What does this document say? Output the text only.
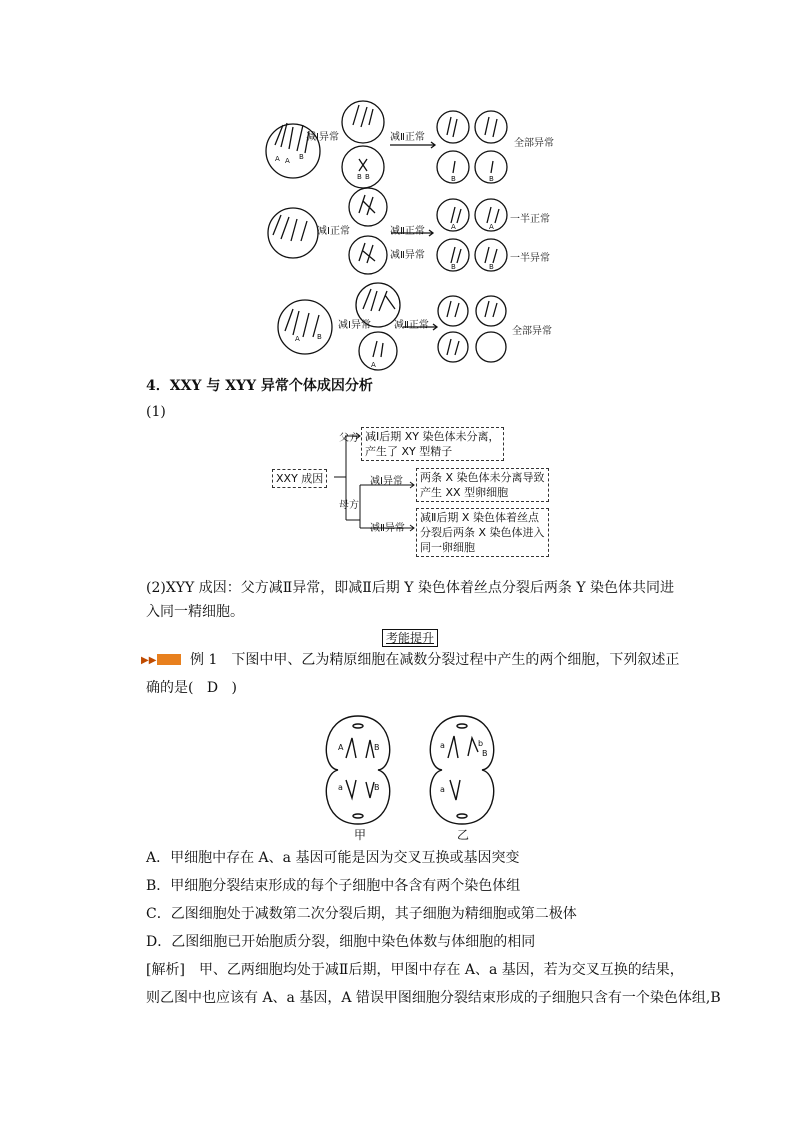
A A B
B B	B	B
A	A
B	B
A B
A
减Ⅰ异常	减Ⅱ正常
全部异常
减Ⅰ正常	减Ⅱ正常
减Ⅱ异常
一半正常
一半异常
减Ⅰ异常 减Ⅱ正常
全部异常
4．XXY 与 XYY 异常个体成因分析
(1)
XXY 成因
父方
母方
减Ⅰ后期 XY 染色体未分离，
产生了 XY 型精子
减Ⅰ异常 两条 X 染色体未分离导致
产生 XX 型卵细胞
减Ⅱ异常
减Ⅱ后期 X 染色体着丝点
分裂后两条 X 染色体进入
同一卵细胞
(2)XYY 成因：父方减Ⅱ异常，即减Ⅱ后期 Y 染色体着丝点分裂后两条 Y 染色体共同进
入同一精细胞。
考能提升
▶▶ 例 1　下图中甲、乙为精原细胞在减数分裂过程中产生的两个细胞，下列叙述正
确的是( D )
A	B
a	B
a	b
B
a
甲	乙
A．甲细胞中存在 A、a 基因可能是因为交叉互换或基因突变
B．甲细胞分裂结束形成的每个子细胞中各含有两个染色体组
C．乙图细胞处于减数第二次分裂后期，其子细胞为精细胞或第二极体
D．乙图细胞已开始胞质分裂，细胞中染色体数与体细胞的相同
[解析]　 甲、乙两细胞均处于减Ⅱ后期，甲图中存在 A、a 基因，若为交叉互换的结果，
则乙图中也应该有 A、a 基因，A 错误甲图细胞分裂结束形成的子细胞只含有一个染色体组,B
